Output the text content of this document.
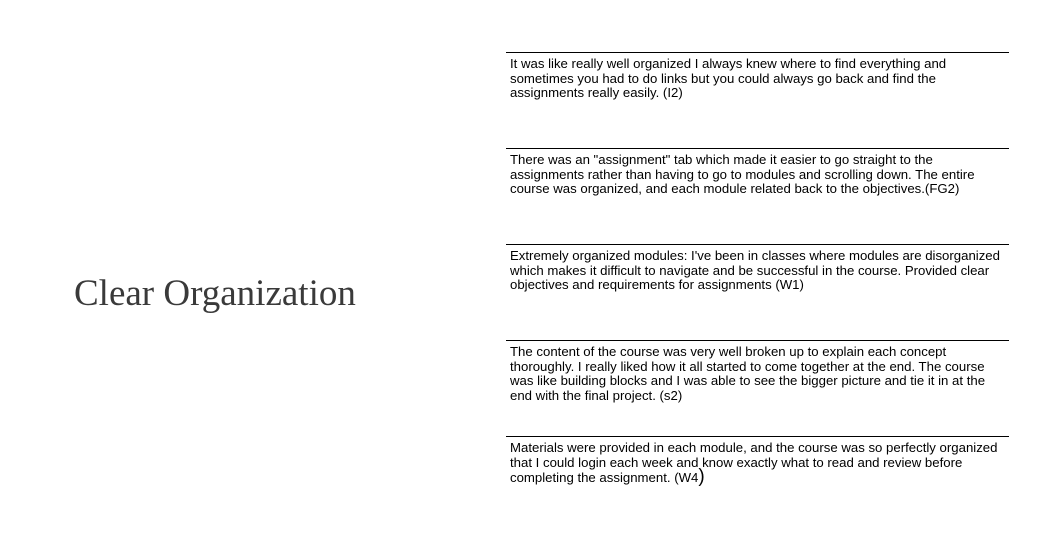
Clear Organization

It was like really well organized I always knew where to find everything and sometimes you had to do links but you could always go back and find the assignments really easily. (I2)

There was an "assignment" tab which made it easier to go straight to the assignments rather than having to go to modules and scrolling down. The entire course was organized, and each module related back to the objectives.(FG2)

Extremely organized modules: I've been in classes where modules are disorganized which makes it difficult to navigate and be successful in the course. Provided clear objectives and requirements for assignments (W1)

The content of the course was very well broken up to explain each concept thoroughly. I really liked how it all started to come together at the end. The course was like building blocks and I was able to see the bigger picture and tie it in at the end with the final project. (s2)

Materials were provided in each module, and the course was so perfectly organized that I could login each week and know exactly what to read and review before completing the assignment. (W4)
